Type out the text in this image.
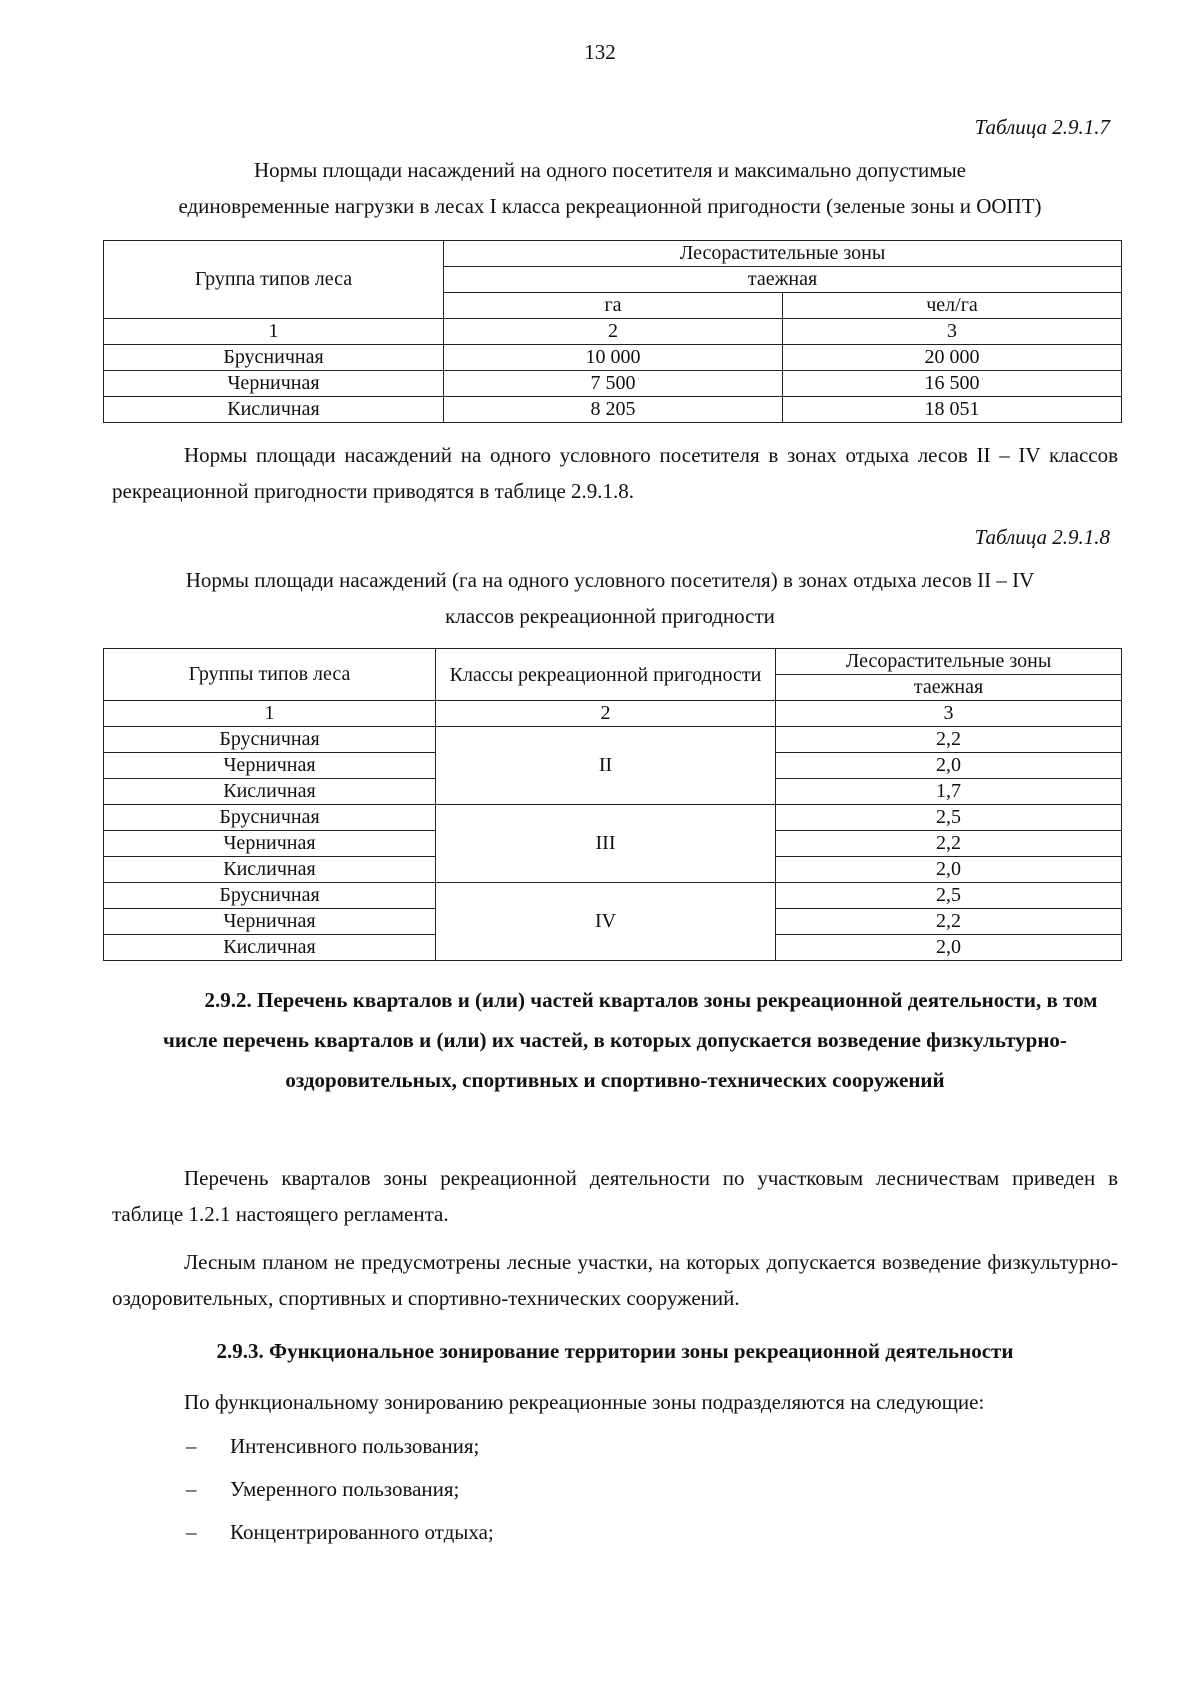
132
Таблица 2.9.1.7
Нормы площади насаждений на одного посетителя и максимально допустимые
единовременные нагрузки в лесах I класса рекреационной пригодности (зеленые зоны и ООПТ)
Группа типов леса	Лесорастительные зоны	
	таежная	
	га	чел/га
1	2	3
Брусничная	10 000	20 000
Черничная	7 500	16 500
Кисличная	8 205	18 051
Нормы площади насаждений на одного условного посетителя в зонах отдыха лесов II – IV классов рекреационной пригодности приводятся в таблице 2.9.1.8.
Таблица 2.9.1.8
Нормы площади насаждений (га на одного условного посетителя) в зонах отдыха лесов II – IV
классов рекреационной пригодности
Группы типов леса	Классы рекреационной пригодности	Лесорастительные зоны
		таежная
1	2	3
Брусничная	II	2,2
Черничная		2,0
Кисличная		1,7
Брусничная	III	2,5
Черничная		2,2
Кисличная		2,0
Брусничная	IV	2,5
Черничная		2,2
Кисличная		2,0
2.9.2. Перечень кварталов и (или) частей кварталов зоны рекреационной деятельности, в том числе перечень кварталов и (или) их частей, в которых допускается возведение физкультурно-оздоровительных, спортивных и спортивно-технических сооружений
Перечень кварталов зоны рекреационной деятельности по участковым лесничествам приведен в таблице 1.2.1 настоящего регламента.
Лесным планом не предусмотрены лесные участки, на которых допускается возведение физкультурно-оздоровительных, спортивных и спортивно-технических сооружений.
2.9.3. Функциональное зонирование территории зоны рекреационной деятельности
По функциональному зонированию рекреационные зоны подразделяются на следующие:
– Интенсивного пользования;
– Умеренного пользования;
– Концентрированного отдыха;
